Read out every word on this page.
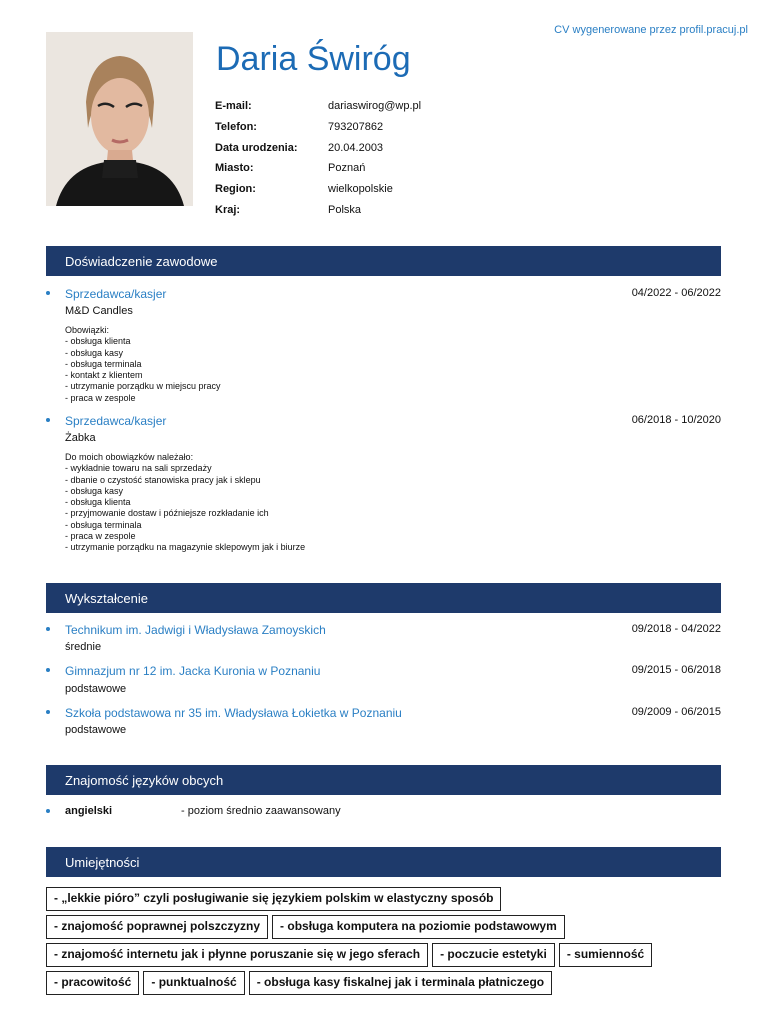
CV wygenerowane przez profil.pracuj.pl
Daria Świróg
E-mail:	dariaswirog@wp.pl
Telefon:	793207862
Data urodzenia:	20.04.2003
Miasto:	Poznań
Region:	wielkopolskie
Kraj:	Polska
Doświadczenie zawodowe
Sprzedawca/kasjer	04/2022 - 06/2022
M&D Candles
Obowiązki:
- obsługa klienta
- obsługa kasy
- obsługa terminala
- kontakt z klientem
- utrzymanie porządku w miejscu pracy
- praca w zespole
Sprzedawca/kasjer	06/2018 - 10/2020
Żabka
Do moich obowiązków należało:
- wykładnie towaru na sali sprzedaży
- dbanie o czystość stanowiska pracy jak i sklepu
- obsługa kasy
- obsługa klienta
- przyjmowanie dostaw i późniejsze rozkładanie ich
- obsługa terminala
- praca w zespole
- utrzymanie porządku na magazynie sklepowym jak i biurze
Wykształcenie
Technikum im. Jadwigi i Władysława Zamoyskich	09/2018 - 04/2022
średnie
Gimnazjum nr 12 im. Jacka Kuronia w Poznaniu	09/2015 - 06/2018
podstawowe
Szkoła podstawowa nr 35 im. Władysława Łokietka w Poznaniu	09/2009 - 06/2015
podstawowe
Znajomość języków obcych
angielski	- poziom średnio zaawansowany
Umiejętności
- „lekkie pióro” czyli posługiwanie się językiem polskim w elastyczny sposób
- znajomość poprawnej polszczyzny	- obsługa komputera na poziomie podstawowym
- znajomość internetu jak i płynne poruszanie się w jego sferach	- poczucie estetyki	- sumienność
- pracowitość	- punktualność	- obsługa kasy fiskalnej jak i terminala płatniczego
